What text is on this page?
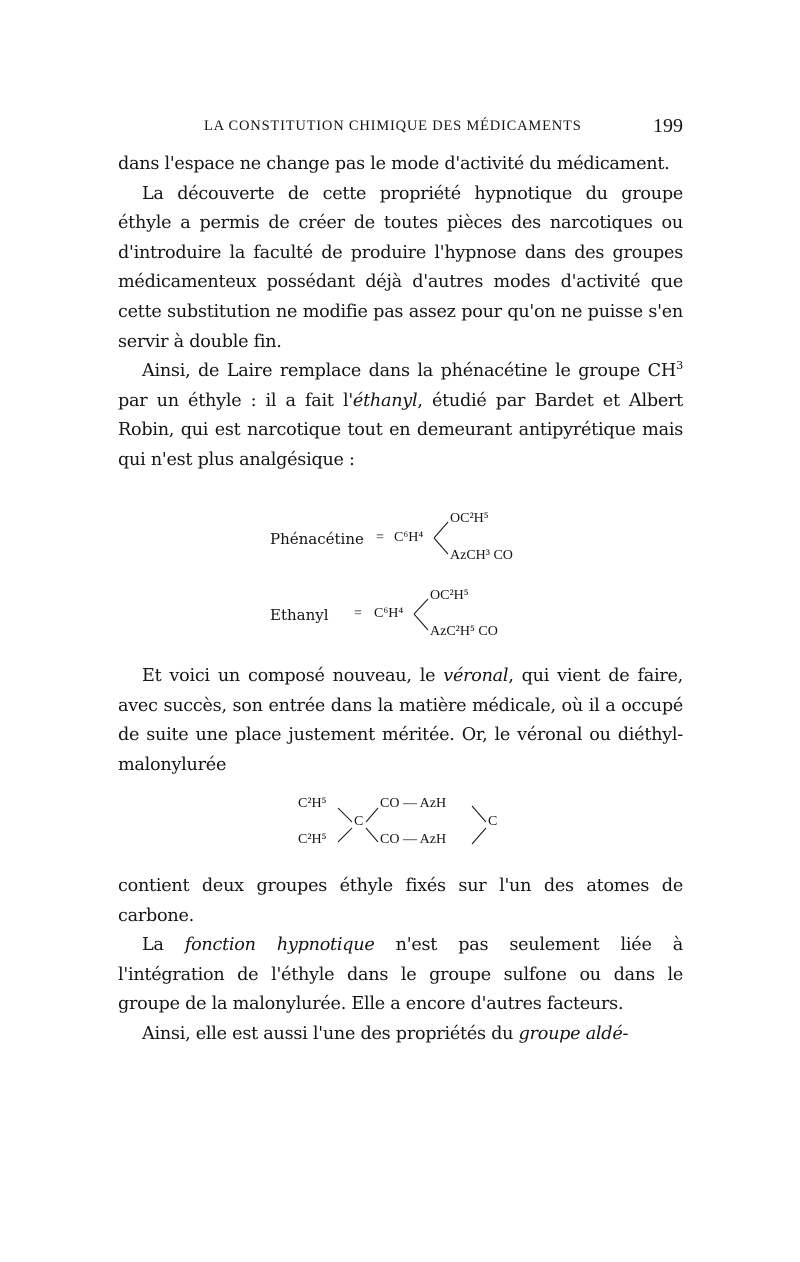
LA CONSTITUTION CHIMIQUE DES MÉDICAMENTS	199

dans l'espace ne change pas le mode d'activité du médicament.

La découverte de cette propriété hypnotique du groupe éthyle a permis de créer de toutes pièces des narcotiques ou d'introduire la faculté de produire l'hypnose dans des groupes médicamenteux possédant déjà d'autres modes d'activité que cette substitution ne modifie pas assez pour qu'on ne puisse s'en servir à double fin.

Ainsi, de Laire remplace dans la phénacétine le groupe $CH^3$ par un éthyle : il a fait l'éthanyl, étudié par Bardet et Albert Robin, qui est narcotique tout en demeurant antipyrétique mais qui n'est plus analgésique :

Phénacétine = C⁶H⁴
OC²H⁵
AzCH³ CO
Ethanyl = C⁶H⁴
OC²H⁵
AzC²H⁵ CO

Et voici un composé nouveau, le véronal, qui vient de faire, avec succès, son entrée dans la matière médicale, où il a occupé de suite une place justement méritée. Or, le véronal ou diéthyl-malonylurée

C²H⁵
C²H⁵
C
CO — AzH
CO — AzH
C

contient deux groupes éthyle fixés sur l'un des atomes de carbone.

La fonction hypnotique n'est pas seulement liée à l'intégration de l'éthyle dans le groupe sulfone ou dans le groupe de la malonylurée. Elle a encore d'autres facteurs.

Ainsi, elle est aussi l'une des propriétés du groupe aldé-
